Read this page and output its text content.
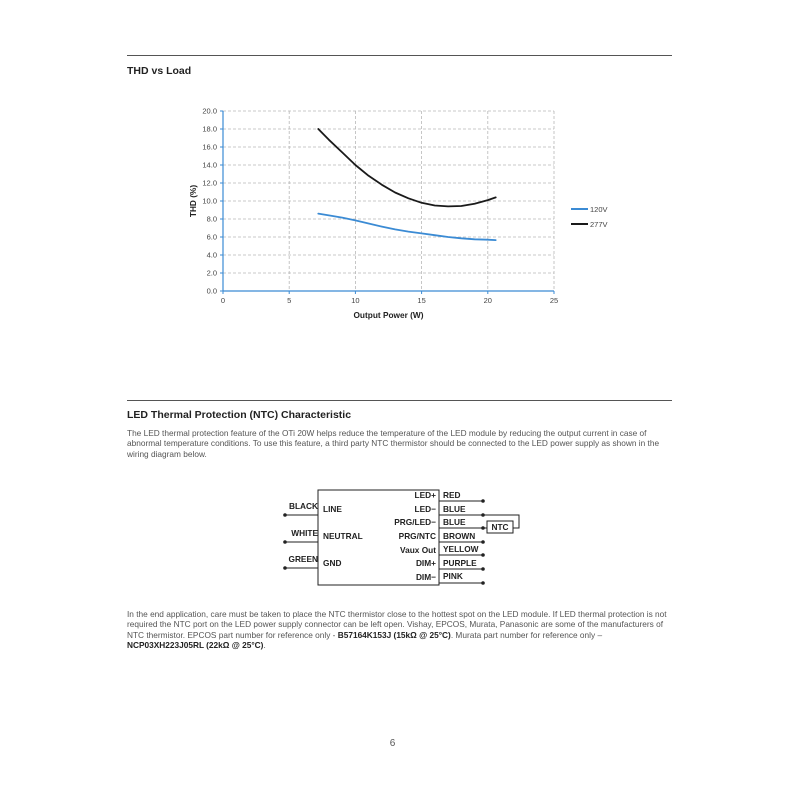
THD vs Load
0.0
2.0
4.0
6.0
8.0
10.0
12.0
14.0
16.0
18.0
20.0
0	5	10	15	20	25
120V
277V
Output Power (W)
THD (%)
LED Thermal Protection (NTC) Characteristic

The LED thermal protection feature of the OTi 20W helps reduce the temperature of the LED module by reducing the output current in case of abnormal temperature conditions. To use this feature, a third party NTC thermistor should be connected to the LED power supply as shown in the wiring diagram below.

BLACK LINE
WHITE NEUTRAL
GREEN GND
LED+ RED
LED− BLUE
PRG/LED− BLUE
PRG/NTC BROWN
Vaux Out YELLOW
DIM+ PURPLE
DIM− PINK
NTC

In the end application, care must be taken to place the NTC thermistor close to the hottest spot on the LED module. If LED thermal protection is not required the NTC port on the LED power supply connector can be left open. Vishay, EPCOS, Murata, Panasonic are some of the manufacturers of NTC thermistor. EPCOS part number for reference only - B57164K153J (15kΩ @ 25°C). Murata part number for reference only – NCP03XH223J05RL (22kΩ @ 25°C).

6
